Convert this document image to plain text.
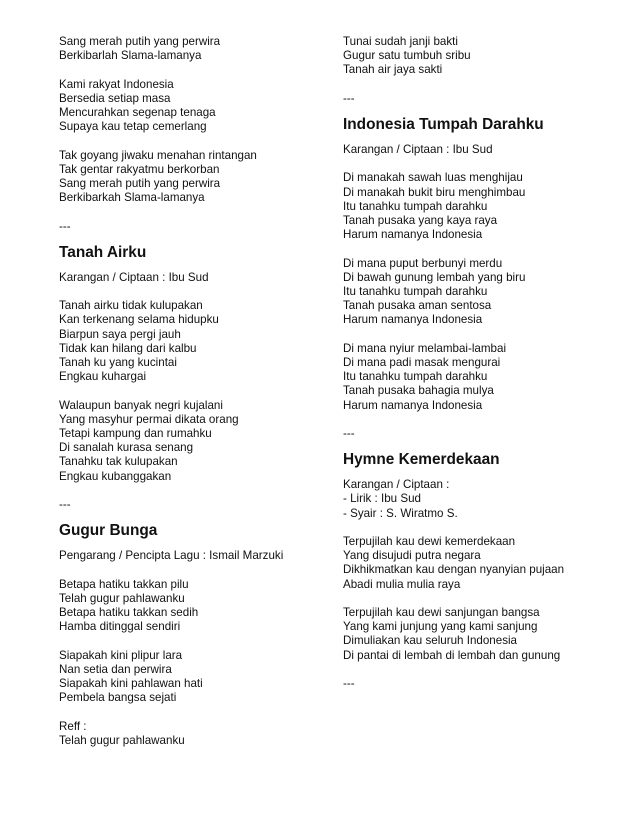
Sang merah putih yang perwira
Berkibarlah Slama-lamanya
Kami rakyat Indonesia
Bersedia setiap masa
Mencurahkan segenap tenaga
Supaya kau tetap cemerlang
Tak goyang jiwaku menahan rintangan
Tak gentar rakyatmu berkorban
Sang merah putih yang perwira
Berkibarkah Slama-lamanya
---
Tanah Airku
Karangan / Ciptaan : Ibu Sud
Tanah airku tidak kulupakan
Kan terkenang selama hidupku
Biarpun saya pergi jauh
Tidak kan hilang dari kalbu
Tanah ku yang kucintai
Engkau kuhargai
Walaupun banyak negri kujalani
Yang masyhur permai dikata orang
Tetapi kampung dan rumahku
Di sanalah kurasa senang
Tanahku tak kulupakan
Engkau kubanggakan
---
Gugur Bunga
Pengarang / Pencipta Lagu : Ismail Marzuki
Betapa hatiku takkan pilu
Telah gugur pahlawanku
Betapa hatiku takkan sedih
Hamba ditinggal sendiri
Siapakah kini plipur lara
Nan setia dan perwira
Siapakah kini pahlawan hati
Pembela bangsa sejati
Reff :
Telah gugur pahlawanku
Tunai sudah janji bakti
Gugur satu tumbuh sribu
Tanah air jaya sakti
---
Indonesia Tumpah Darahku
Karangan / Ciptaan : Ibu Sud
Di manakah sawah luas menghijau
Di manakah bukit biru menghimbau
Itu tanahku tumpah darahku
Tanah pusaka yang kaya raya
Harum namanya Indonesia
Di mana puput berbunyi merdu
Di bawah gunung lembah yang biru
Itu tanahku tumpah darahku
Tanah pusaka aman sentosa
Harum namanya Indonesia
Di mana nyiur melambai-lambai
Di mana padi masak mengurai
Itu tanahku tumpah darahku
Tanah pusaka bahagia mulya
Harum namanya Indonesia
---
Hymne Kemerdekaan
Karangan / Ciptaan :
- Lirik : Ibu Sud
- Syair : S. Wiratmo S.
Terpujilah kau dewi kemerdekaan
Yang disujudi putra negara
Dikhikmatkan kau dengan nyanyian pujaan
Abadi mulia mulia raya
Terpujilah kau dewi sanjungan bangsa
Yang kami junjung yang kami sanjung
Dimuliakan kau seluruh Indonesia
Di pantai di lembah di lembah dan gunung
---
